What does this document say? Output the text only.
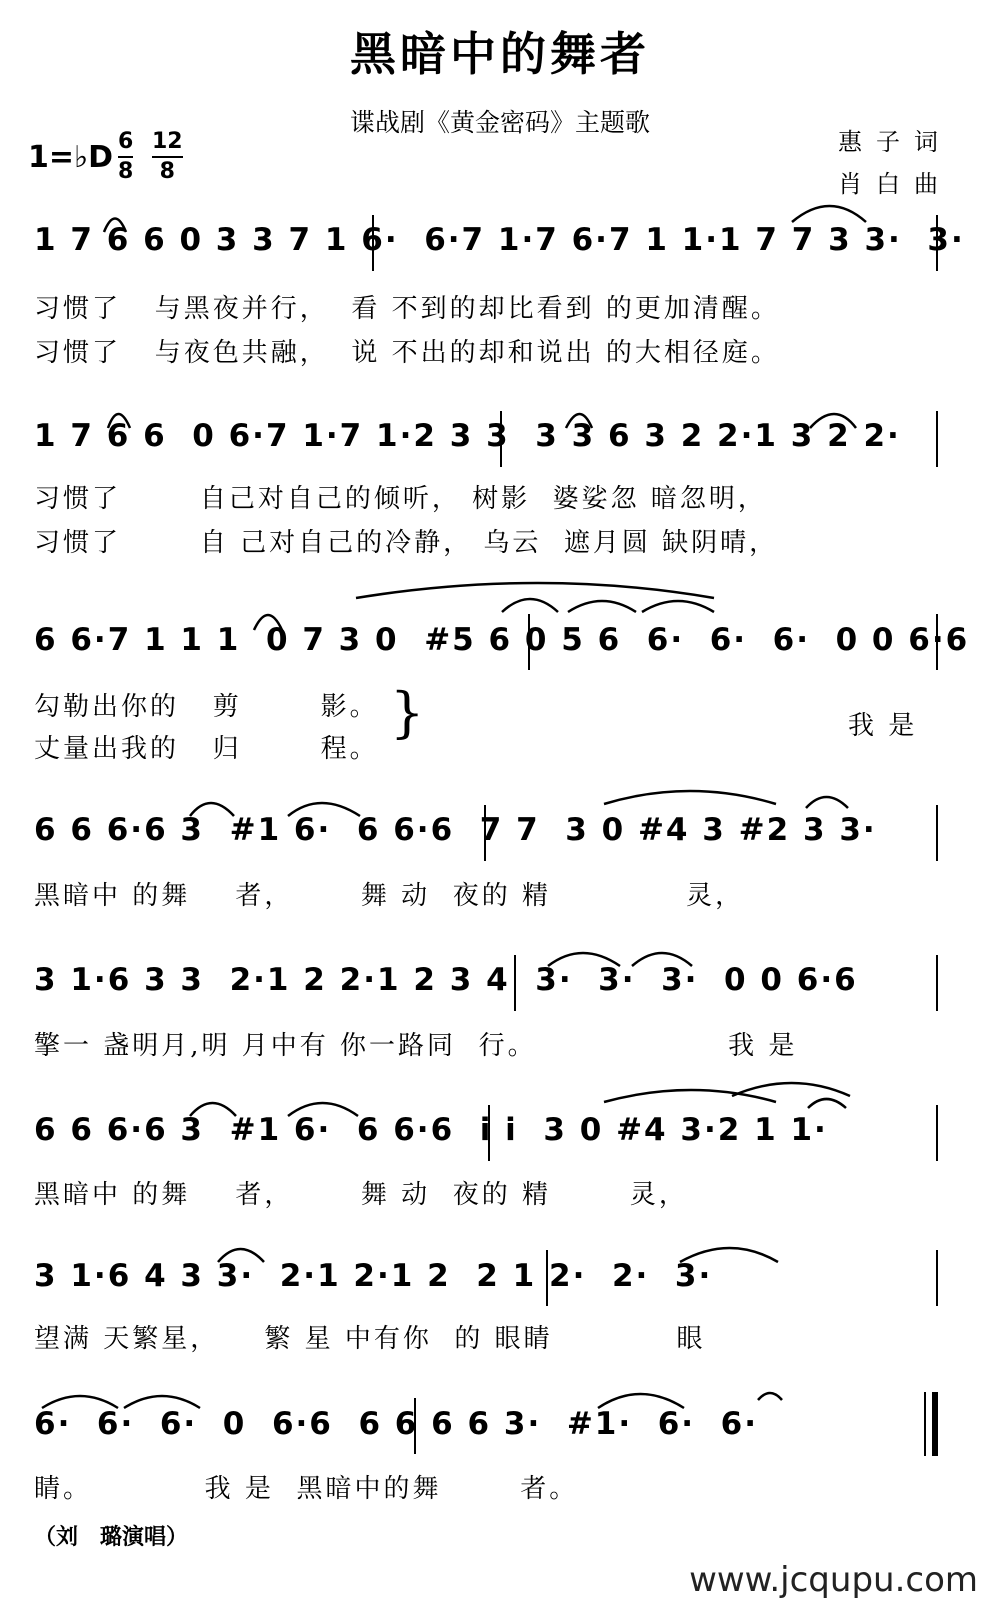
黑暗中的舞者
谍战剧《黄金密码》主题歌
惠子词
肖白曲
1=♭D $\frac{6}{8} \frac{12}{8}$
1 7 6 6 0 3 3 7 1 6·  6·7 1·7 6·7 1 1·1 7 7 3 3·  3·
习惯了   与黑夜并行，  看 不到的却比看到 的更加清醒。
习惯了   与夜色共融，  说 不出的却和说出 的大相径庭。
1 7 6 6  0 6·7 1·7 1·2 3 3  3 3 6 3 2 2·1 3 2 2·
习惯了       自己对自己的倾听， 树影  婆娑忽 暗忽明，
习惯了       自 己对自己的冷静， 乌云  遮月圆 缺阴晴，
6 6·7 1 1 1  0 7 3 0  #5 6 0 5 6  6·  6·  6·  0 0 6·6
勾勒出你的   剪       影。
丈量出我的   归       程。
}	我 是
6 6 6·6 3  #1 6·  6 6·6  7 7  3 0 #4 3 #2 3 3·
黑暗中 的舞    者，      舞 动  夜的 精            灵，
3 1·6 3 3  2·1 2 2·1 2 3 4  3·  3·  3·  0 0 6·6
擎一 盏明月,明 月中有 你一路同  行。                 我 是
6 6 6·6 3  #1 6·  6 6·6  i i  3 0 #4 3·2 1 1·
黑暗中 的舞    者，      舞 动  夜的 精       灵，
3 1·6 4 3 3·  2·1 2·1 2  2 1 2·  2·  3·
望满 天繁星，    繁 星 中有你  的 眼睛           眼
6·  6·  6·  0  6·6  6 6 6 6 3·  #1·  6·  6·
睛。          我 是  黑暗中的舞       者。
（刘　璐演唱）
www.jcqupu.com
